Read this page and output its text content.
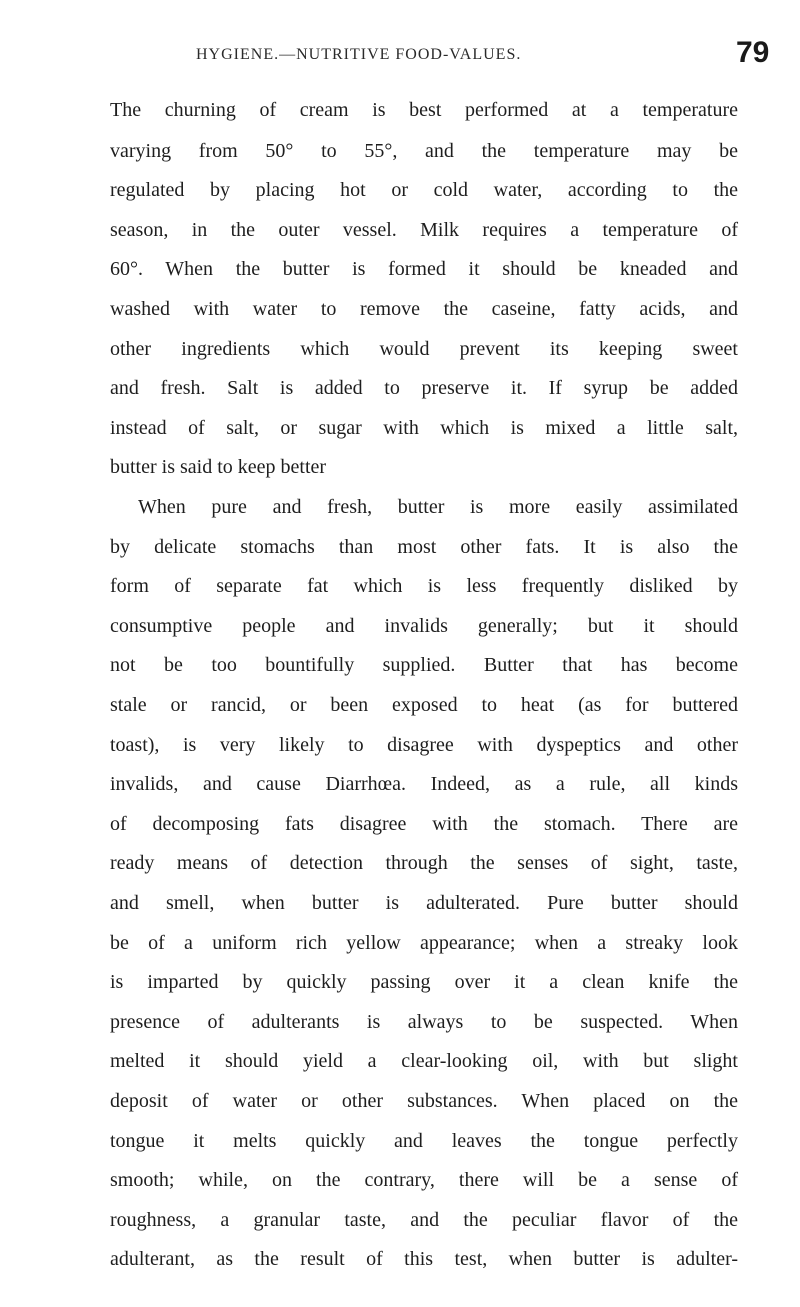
HYGIENE.—NUTRITIVE FOOD-VALUES.	79
The churning of cream is best performed at a temperature
varying from 50° to 55°, and the temperature may be
regulated by placing hot or cold water, according to the
season, in the outer vessel. Milk requires a temperature of
60°. When the butter is formed it should be kneaded and
washed with water to remove the caseine, fatty acids, and
other ingredients which would prevent its keeping sweet
and fresh. Salt is added to preserve it. If syrup be added
instead of salt, or sugar with which is mixed a little salt,
butter is said to keep better
When pure and fresh, butter is more easily assimilated
by delicate stomachs than most other fats. It is also the
form of separate fat which is less frequently disliked by
consumptive people and invalids generally; but it should
not be too bountifully supplied. Butter that has become
stale or rancid, or been exposed to heat (as for buttered
toast), is very likely to disagree with dyspeptics and other
invalids, and cause Diarrhœa. Indeed, as a rule, all kinds
of decomposing fats disagree with the stomach. There are
ready means of detection through the senses of sight, taste,
and smell, when butter is adulterated. Pure butter should
be of a uniform rich yellow appearance; when a streaky look
is imparted by quickly passing over it a clean knife the
presence of adulterants is always to be suspected. When
melted it should yield a clear-looking oil, with but slight
deposit of water or other substances. When placed on the
tongue it melts quickly and leaves the tongue perfectly
smooth; while, on the contrary, there will be a sense of
roughness, a granular taste, and the peculiar flavor of the
adulterant, as the result of this test, when butter is adulter-
